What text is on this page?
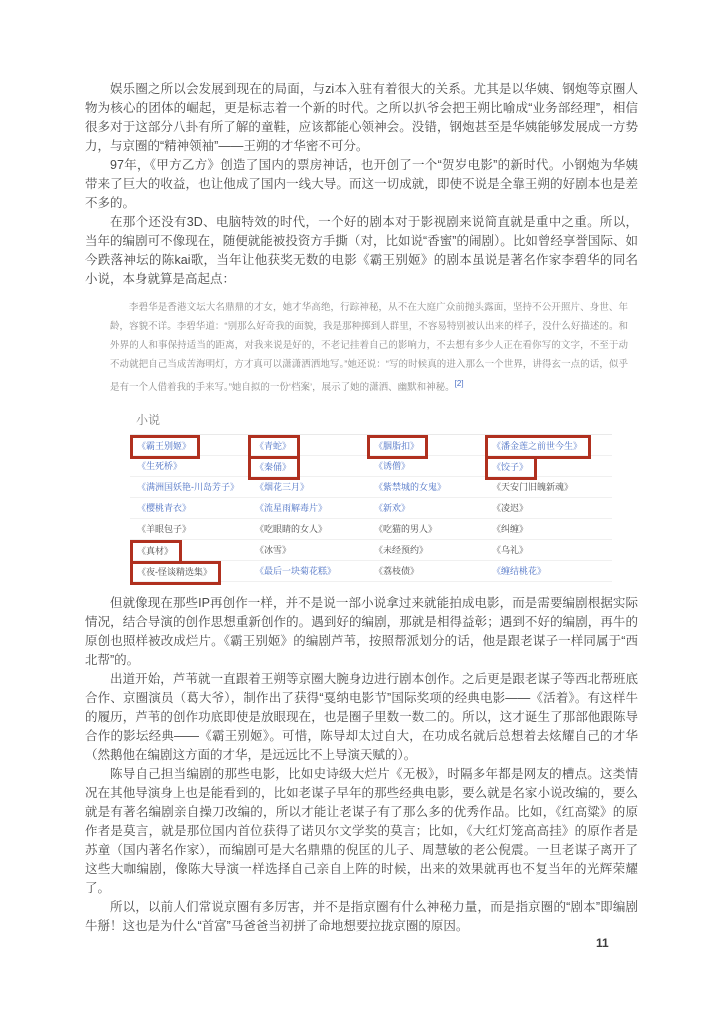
娱乐圈之所以会发展到现在的局面，与zi本入驻有着很大的关系。尤其是以华姨、钢炮等京圈人物为核心的团体的崛起，更是标志着一个新的时代。之所以扒爷会把王朔比喻成“业务部经理”，相信很多对于这部分八卦有所了解的童鞋，应该都能心领神会。没错，钢炮甚至是华姨能够发展成一方势力，与京圈的“精神领袖”——王朔的才华密不可分。

97年，《甲方乙方》创造了国内的票房神话，也开创了一个“贺岁电影”的新时代。小钢炮为华姨带来了巨大的收益，也让他成了国内一线大导。而这一切成就，即使不说是全靠王朔的好剧本也是差不多的。

在那个还没有3D、电脑特效的时代，一个好的剧本对于影视剧来说简直就是重中之重。所以，当年的编剧可不像现在，随便就能被投资方手撕（对，比如说“香蜜”的闹剧）。比如曾经享誉国际、如今跌落神坛的陈kai歌，当年让他获奖无数的电影《霸王别姬》的剧本虽说是著名作家李碧华的同名小说，本身就算是高起点：

李碧华是香港文坛大名鼎鼎的才女，她才华高绝，行踪神秘，从不在大庭广众前抛头露面，坚持不公开照片、身世、年龄，容貌不详。李碧华道：“别那么好奇我的面貌，我是那种掷到人群里，不容易特别被认出来的样子，没什么好描述的。和外界的人和事保持适当的距离，对我来说是好的，不老记挂着自己的影响力，不去想有多少人正在看你写的文字，不至于动不动就把自己当成苦海明灯，方才真可以潇潇洒洒地写。”她还说：“写的时候真的进入那么一个世界，讲得玄一点的话，似乎是有一个人借着我的手来写。”她自拟的一份‘档案’，展示了她的潇洒、幽默和神秘。[2]
小说
《霸王别姬》	《青蛇》	《胭脂扣》	《潘金莲之前世今生》
《生死桥》	《秦俑》	《诱僧》	《饺子》
《满洲国妖艳-川岛芳子》	《烟花三月》	《紫禁城的女鬼》	《天安门旧魄新魂》
《樱桃青衣》	《流星雨解毒片》	《新欢》	《凌迟》
《羊眼包子》	《吃眼睛的女人》	《吃猫的男人》	《纠缠》
《真材》	《冰雪》	《未经预约》	《乌礼》
《夜-怪谈精选集》	《最后一块菊花糕》	《荔枝债》	《缠结桃花》

但就像现在那些IP再创作一样，并不是说一部小说拿过来就能拍成电影，而是需要编剧根据实际情况，结合导演的创作思想重新创作的。遇到好的编剧，那就是相得益彰；遇到不好的编剧，再牛的原创也照样被改成烂片。《霸王别姬》的编剧芦苇，按照帮派划分的话，他是跟老谋子一样同属于“西北帮”的。

出道开始，芦苇就一直跟着王朔等京圈大腕身边进行剧本创作。之后更是跟老谋子等西北帮班底合作、京圈演员（葛大爷），制作出了获得“戛纳电影节”国际奖项的经典电影——《活着》。有这样牛的履历，芦苇的创作功底即使是放眼现在，也是圈子里数一数二的。所以，这才诞生了那部他跟陈导合作的影坛经典——《霸王别姬》。可惜，陈导却太过自大，在功成名就后总想着去炫耀自己的才华（然鹅他在编剧这方面的才华，是远远比不上导演天赋的）。

陈导自己担当编剧的那些电影，比如史诗级大烂片《无极》，时隔多年都是网友的槽点。这类情况在其他导演身上也是能看到的，比如老谋子早年的那些经典电影，要么就是名家小说改编的，要么就是有著名编剧亲自操刀改编的，所以才能让老谋子有了那么多的优秀作品。比如，《红高粱》的原作者是莫言，就是那位国内首位获得了诺贝尔文学奖的莫言；比如，《大红灯笼高高挂》的原作者是苏童（国内著名作家），而编剧可是大名鼎鼎的倪匡的儿子、周慧敏的老公倪震。一旦老谋子离开了这些大咖编剧，像陈大导演一样选择自己亲自上阵的时候，出来的效果就再也不复当年的光辉荣耀了。

所以，以前人们常说京圈有多厉害，并不是指京圈有什么神秘力量，而是指京圈的“剧本”即编剧牛掰！这也是为什么“首富”马爸爸当初拼了命地想要拉拢京圈的原因。

11
